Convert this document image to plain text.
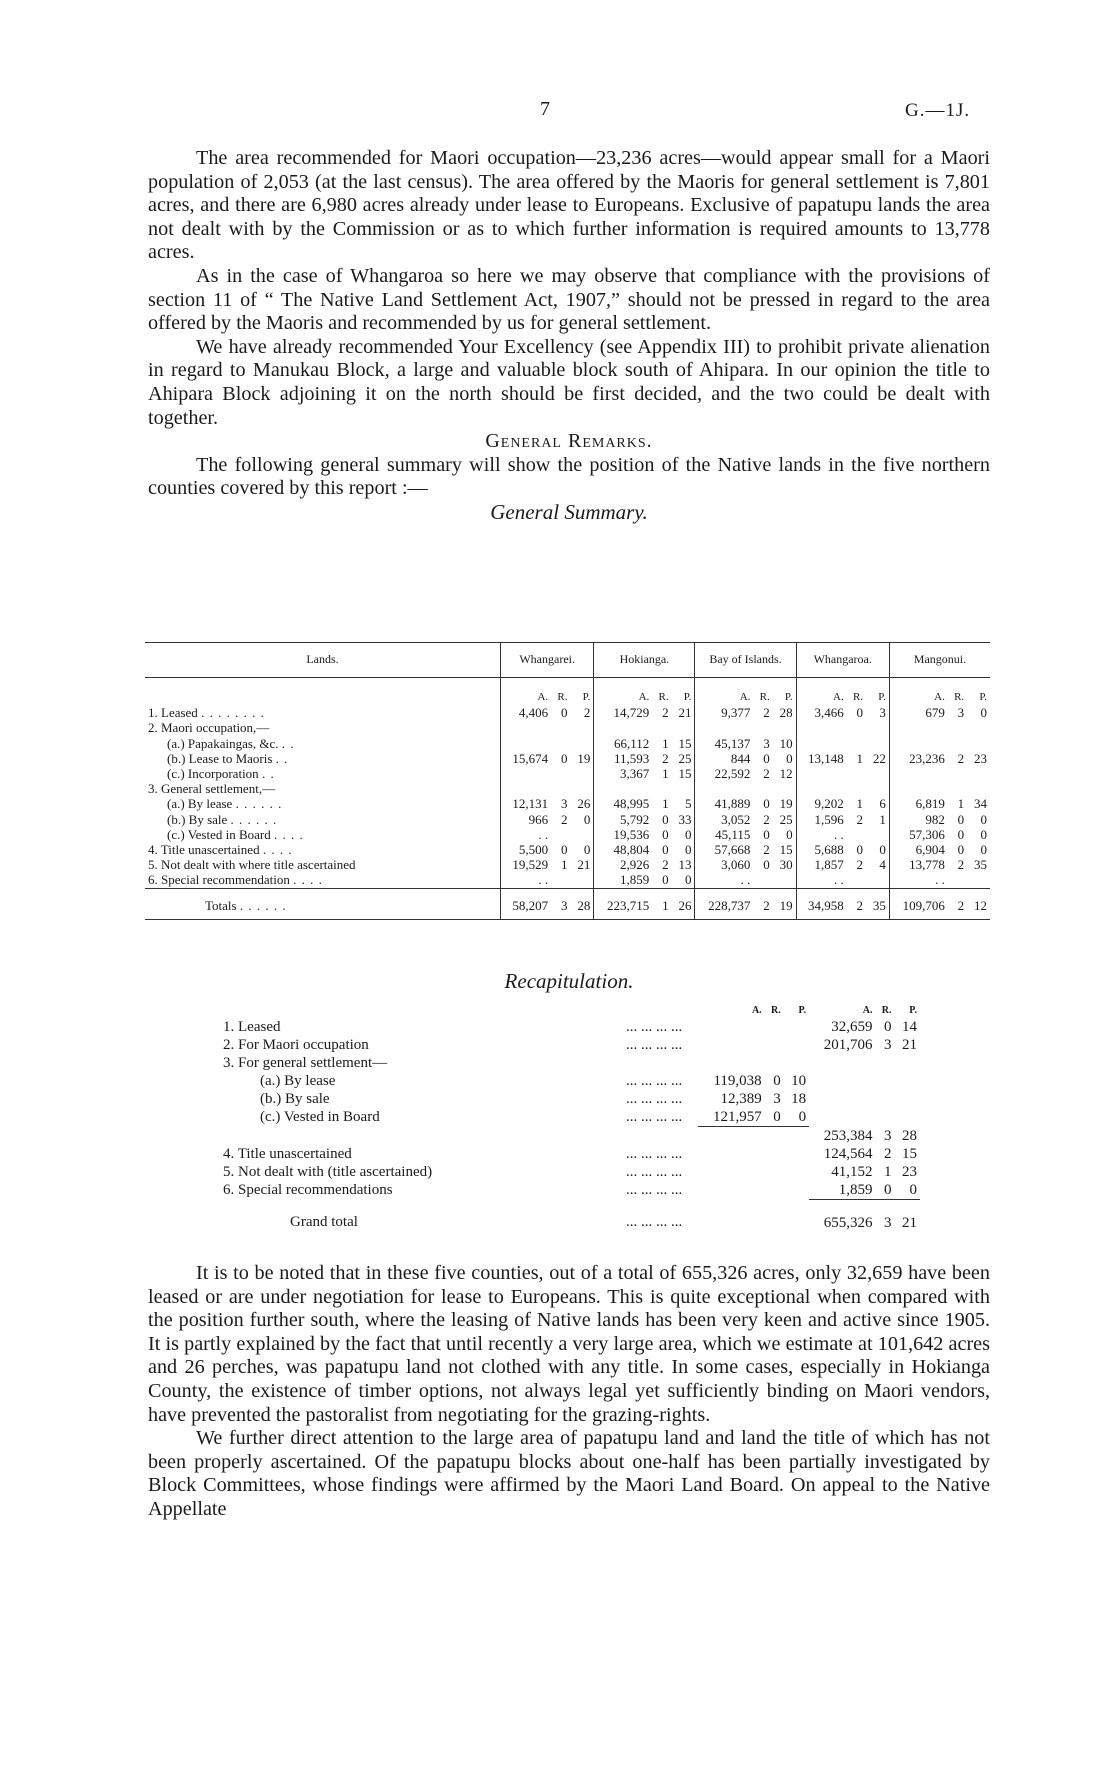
7	G.—1J.

The area recommended for Maori occupation—23,236 acres—would appear small for a Maori population of 2,053 (at the last census). The area offered by the Maoris for general settlement is 7,801 acres, and there are 6,980 acres already under lease to Europeans. Exclusive of papatupu lands the area not dealt with by the Commission or as to which further information is required amounts to 13,778 acres.

As in the case of Whangaroa so here we may observe that compliance with the provisions of section 11 of “ The Native Land Settlement Act, 1907,” should not be pressed in regard to the area offered by the Maoris and recommended by us for general settlement.

We have already recommended Your Excellency (see Appendix III) to prohibit private alienation in regard to Manukau Block, a large and valuable block south of Ahipara. In our opinion the title to Ahipara Block adjoining it on the north should be first decided, and the two could be dealt with together.

General Remarks.

The following general summary will show the position of the Native lands in the five northern counties covered by this report :—

General Summary.

Lands.	Whangarei.			Hokianga.			Bay of Islands.			Whangaroa.			Mangonui.		
	A.	R.	P.	A.	R.	P.	A.	R.	P.	A.	R.	P.	A.	R.	P.
1. Leased . . . . . . . .	4,406	0	2	14,729	2	21	9,377	2	28	3,466	0	3	679	3	0
2. Maori occupation,—															
(a.) Papakaingas, &c. . .				66,112	1	15	45,137	3	10						
(b.) Lease to Maoris . .	15,674	0	19	11,593	2	25	844	0	0	13,148	1	22	23,236	2	23
(c.) Incorporation . .				3,367	1	15	22,592	2	12						
3. General settlement,—															
(a.) By lease . . . . . .	12,131	3	26	48,995	1	5	41,889	0	19	9,202	1	6	6,819	1	34
(b.) By sale . . . . . .	966	2	0	5,792	0	33	3,052	2	25	1,596	2	1	982	0	0
(c.) Vested in Board . . . .	. .			19,536	0	0	45,115	0	0	. .			57,306	0	0
4. Title unascertained . . . .	5,500	0	0	48,804	0	0	57,668	2	15	5,688	0	0	6,904	0	0
5. Not dealt with where title ascertained	19,529	1	21	2,926	2	13	3,060	0	30	1,857	2	4	13,778	2	35
6. Special recommendation . . . .	. .			1,859	0	0	. .			. .			. .		
Totals . . . . . .	58,207	3	28	223,715	1	26	228,737	2	19	34,958	2	35	109,706	2	12

Recapitulation.

		A.	R.	P.	A.	R.	P.
1. Leased	... ... ... ...				32,659	0	14
2. For Maori occupation	... ... ... ...				201,706	3	21
3. For general settlement—							
(a.) By lease	... ... ... ...	119,038	0	10			
(b.) By sale	... ... ... ...	12,389	3	18			
(c.) Vested in Board	... ... ... ...	121,957	0	0			
					253,384	3	28
4. Title unascertained	... ... ... ...				124,564	2	15
5. Not dealt with (title ascertained)	... ... ... ...				41,152	1	23
6. Special recommendations	... ... ... ...				1,859	0	0
Grand total	... ... ... ...				655,326	3	21

It is to be noted that in these five counties, out of a total of 655,326 acres, only 32,659 have been leased or are under negotiation for lease to Europeans. This is quite exceptional when compared with the position further south, where the leasing of Native lands has been very keen and active since 1905. It is partly explained by the fact that until recently a very large area, which we estimate at 101,642 acres and 26 perches, was papatupu land not clothed with any title. In some cases, especially in Hokianga County, the existence of timber options, not always legal yet sufficiently binding on Maori vendors, have prevented the pastoralist from negotiating for the grazing-rights.

We further direct attention to the large area of papatupu land and land the title of which has not been properly ascertained. Of the papatupu blocks about one-half has been partially investigated by Block Committees, whose findings were affirmed by the Maori Land Board. On appeal to the Native Appellate
